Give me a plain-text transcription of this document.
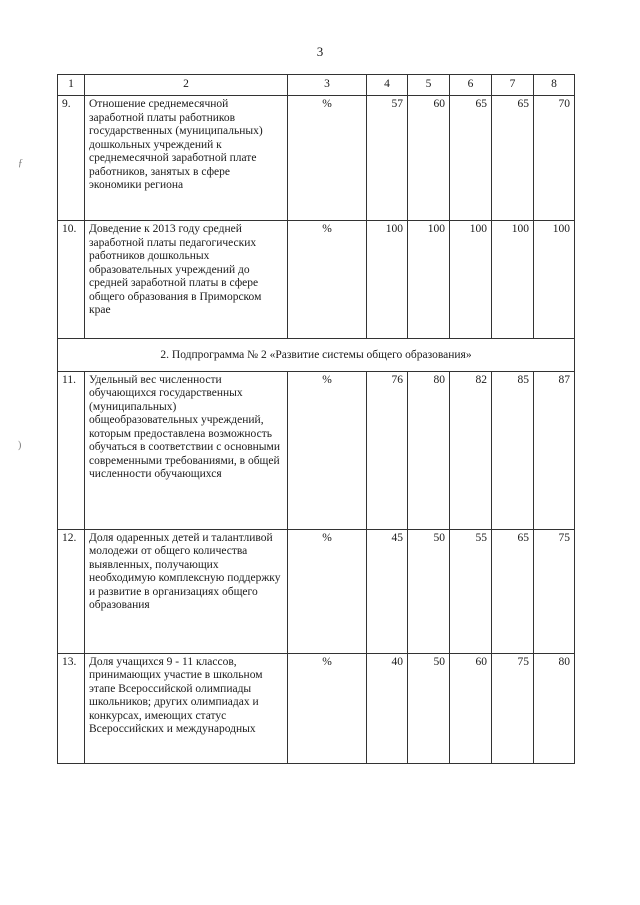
3
1	2	3	4	5	6	7	8
9.	Отношение среднемесячной заработной платы работников государственных (муниципальных) дошкольных учреждений к среднемесячной заработной плате работников, занятых в сфере экономики региона	%	57	60	65	65	70
10.	Доведение к 2013 году средней заработной платы педагогических работников дошкольных образовательных учреждений до средней заработной платы в сфере общего образования в Приморском крае	%	100	100	100	100	100
2. Подпрограмма № 2 «Развитие системы общего образования»							
11.	Удельный вес численности обучающихся государственных (муниципальных) общеобразовательных учреждений, которым предоставлена возможность обучаться в соответствии с основными современными требованиями, в общей численности обучающихся	%	76	80	82	85	87
12.	Доля одаренных детей и талантливой молодежи от общего количества выявленных, получающих необходимую комплексную поддержку и развитие в организациях общего образования	%	45	50	55	65	75
13.	Доля учащихся 9 - 11 классов, принимающих участие в школьном этапе Всероссийской олимпиады школьников; других олимпиадах и конкурсах, имеющих статус Всероссийских и международных	%	40	50	60	75	80
ƒ
)
